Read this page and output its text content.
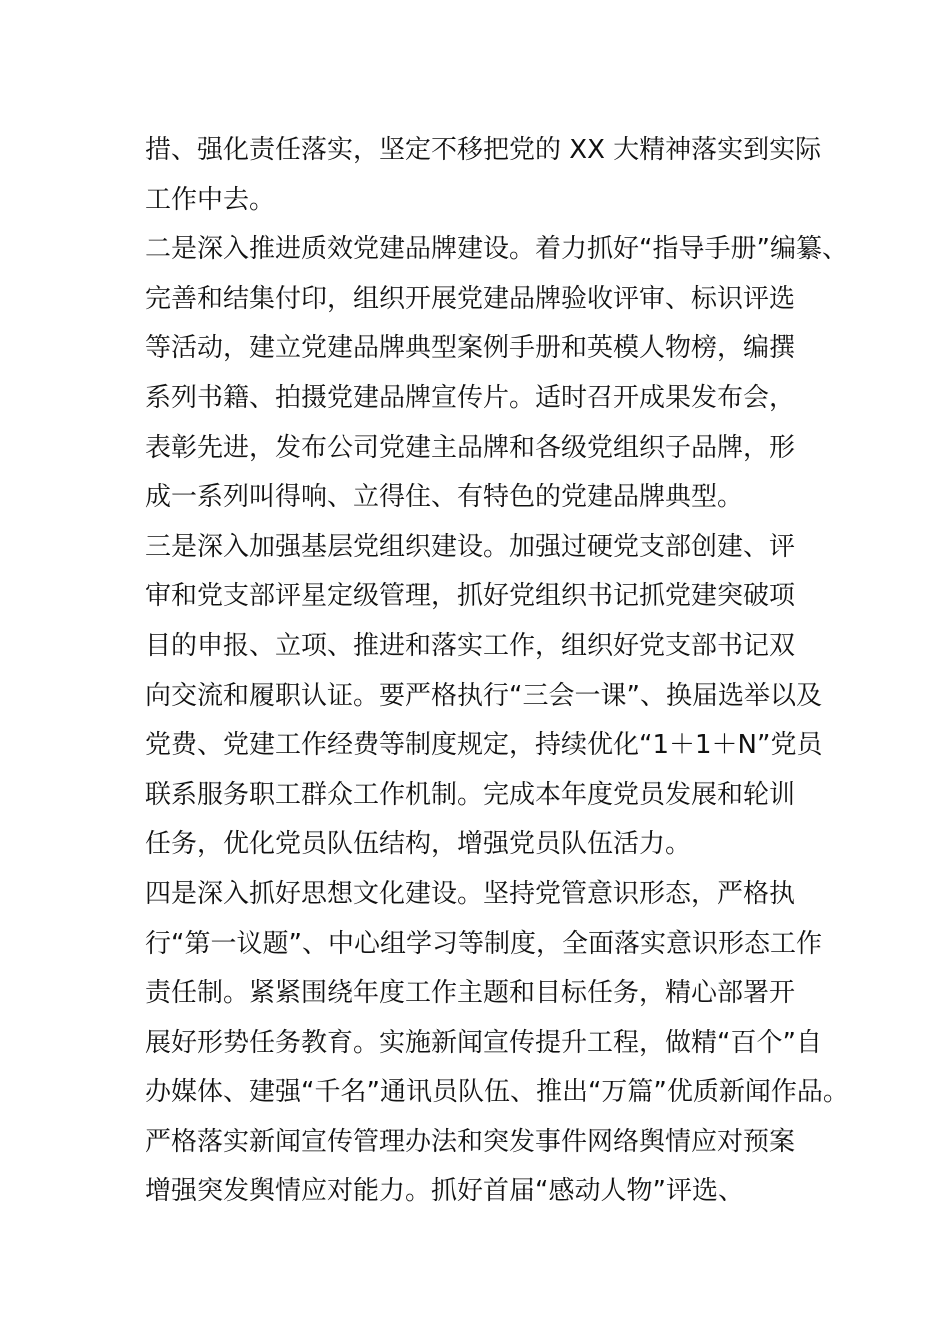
措、强化责任落实，坚定不移把党的 XX 大精神落实到实际
工作中去。
二是深入推进质效党建品牌建设。着力抓好“指导手册”编纂、
完善和结集付印，组织开展党建品牌验收评审、标识评选
等活动，建立党建品牌典型案例手册和英模人物榜，编撰
系列书籍、拍摄党建品牌宣传片。适时召开成果发布会，
表彰先进，发布公司党建主品牌和各级党组织子品牌，形
成一系列叫得响、立得住、有特色的党建品牌典型。
三是深入加强基层党组织建设。加强过硬党支部创建、评
审和党支部评星定级管理，抓好党组织书记抓党建突破项
目的申报、立项、推进和落实工作，组织好党支部书记双
向交流和履职认证。要严格执行“三会一课”、换届选举以及
党费、党建工作经费等制度规定，持续优化“1＋1＋N”党员
联系服务职工群众工作机制。完成本年度党员发展和轮训
任务，优化党员队伍结构，增强党员队伍活力。
四是深入抓好思想文化建设。坚持党管意识形态，严格执
行“第一议题”、中心组学习等制度，全面落实意识形态工作
责任制。紧紧围绕年度工作主题和目标任务，精心部署开
展好形势任务教育。实施新闻宣传提升工程，做精“百个”自
办媒体、建强“千名”通讯员队伍、推出“万篇”优质新闻作品。
严格落实新闻宣传管理办法和突发事件网络舆情应对预案
增强突发舆情应对能力。抓好首届“感动人物”评选、
